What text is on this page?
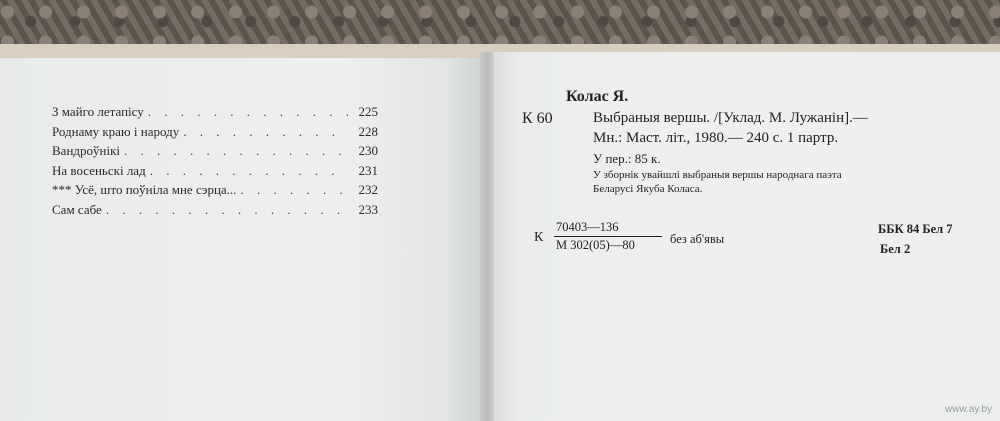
З майго летапісу . . .	225
Роднаму краю і народу . . .	228
Вандроўнікі . . .	230
На восеньскі лад . . .	231
*** Усё, што поўніла мне сэрца... . . .	232
Сам сабе . . .	233
Колас Я.
К 60	Выбраныя вершы. /[Уклад. М. Лужанін].—
Мн.: Маст. літ., 1980.— 240 с. 1 партр.
У пер.: 85 к.
У зборнік увайшлі выбраныя вершы народнага паэта
Беларусі Якуба Коласа.
К
70403—136
М 302(05)—80	без аб'явы
ББК 84 Бел 7
Бел 2
www.ay.by
